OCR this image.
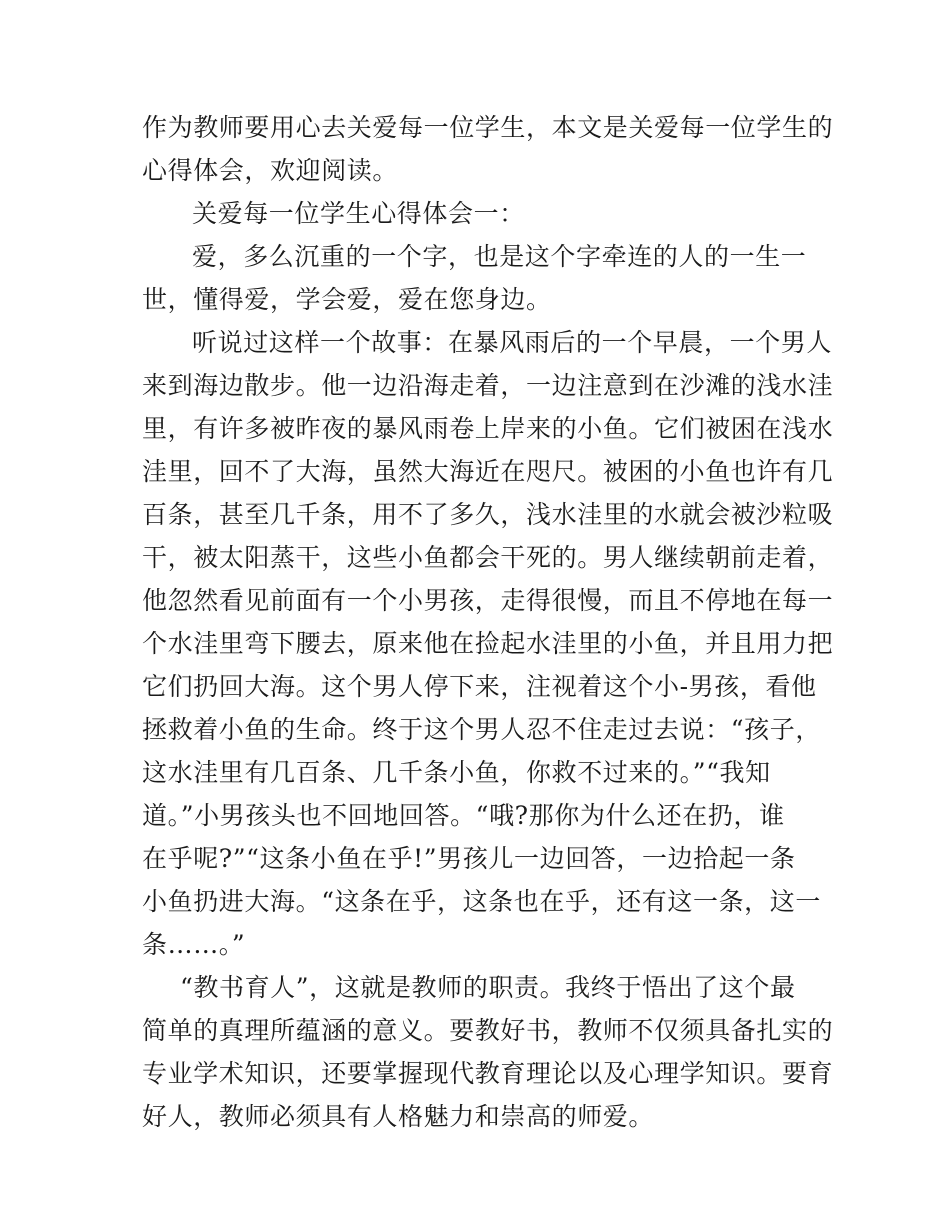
作为教师要用心去关爱每一位学生，本文是关爱每一位学生的
心得体会，欢迎阅读。
关爱每一位学生心得体会一：
爱，多么沉重的一个字，也是这个字牵连的人的一生一
世，懂得爱，学会爱，爱在您身边。
听说过这样一个故事：在暴风雨后的一个早晨，一个男人
来到海边散步。他一边沿海走着，一边注意到在沙滩的浅水洼
里，有许多被昨夜的暴风雨卷上岸来的小鱼。它们被困在浅水
洼里，回不了大海，虽然大海近在咫尺。被困的小鱼也许有几
百条，甚至几千条，用不了多久，浅水洼里的水就会被沙粒吸
干，被太阳蒸干，这些小鱼都会干死的。男人继续朝前走着，
他忽然看见前面有一个小男孩，走得很慢，而且不停地在每一
个水洼里弯下腰去，原来他在捡起水洼里的小鱼，并且用力把
它们扔回大海。这个男人停下来，注视着这个小-男孩，看他
拯救着小鱼的生命。终于这个男人忍不住走过去说：“孩子，
这水洼里有几百条、几千条小鱼，你救不过来的。”“我知
道。”小男孩头也不回地回答。“哦?那你为什么还在扔，谁
在乎呢?”“这条小鱼在乎!”男孩儿一边回答，一边拾起一条
小鱼扔进大海。“这条在乎，这条也在乎，还有这一条，这一
条……。”
“教书育人”，这就是教师的职责。我终于悟出了这个最
简单的真理所蕴涵的意义。要教好书，教师不仅须具备扎实的
专业学术知识，还要掌握现代教育理论以及心理学知识。要育
好人，教师必须具有人格魅力和崇高的师爱。
